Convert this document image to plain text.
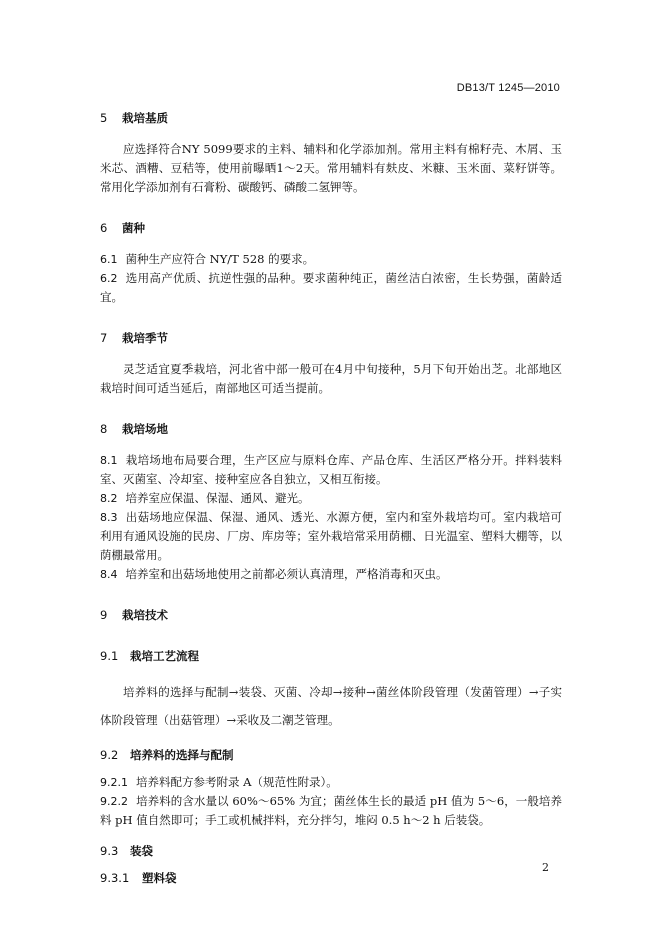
DB13/T 1245—2010

5 栽培基质

应选择符合NY 5099要求的主料、辅料和化学添加剂。常用主料有棉籽壳、木屑、玉米芯、酒糟、豆秸等，使用前曝晒1～2天。常用辅料有麸皮、米糠、玉米面、菜籽饼等。常用化学添加剂有石膏粉、碳酸钙、磷酸二氢钾等。

6 菌种

6.1 菌种生产应符合 NY/T 528 的要求。

6.2 选用高产优质、抗逆性强的品种。要求菌种纯正，菌丝洁白浓密，生长势强，菌龄适宜。

7 栽培季节

灵芝适宜夏季栽培，河北省中部一般可在4月中旬接种，5月下旬开始出芝。北部地区栽培时间可适当延后，南部地区可适当提前。

8 栽培场地

8.1 栽培场地布局要合理，生产区应与原料仓库、产品仓库、生活区严格分开。拌料装料室、灭菌室、冷却室、接种室应各自独立，又相互衔接。

8.2 培养室应保温、保湿、通风、避光。

8.3 出菇场地应保温、保湿、通风、透光、水源方便，室内和室外栽培均可。室内栽培可利用有通风设施的民房、厂房、库房等；室外栽培常采用荫棚、日光温室、塑料大棚等，以荫棚最常用。

8.4 培养室和出菇场地使用之前都必须认真清理，严格消毒和灭虫。

9 栽培技术

9.1 栽培工艺流程

培养料的选择与配制→装袋、灭菌、冷却→接种→菌丝体阶段管理（发菌管理）→子实体阶段管理（出菇管理）→采收及二潮芝管理。

9.2 培养料的选择与配制

9.2.1 培养料配方参考附录 A（规范性附录）。

9.2.2 培养料的含水量以 60%～65% 为宜；菌丝体生长的最适 pH 值为 5～6，一般培养料 pH 值自然即可；手工或机械拌料，充分拌匀，堆闷 0.5 h～2 h 后装袋。

9.3 装袋

9.3.1 塑料袋

2
